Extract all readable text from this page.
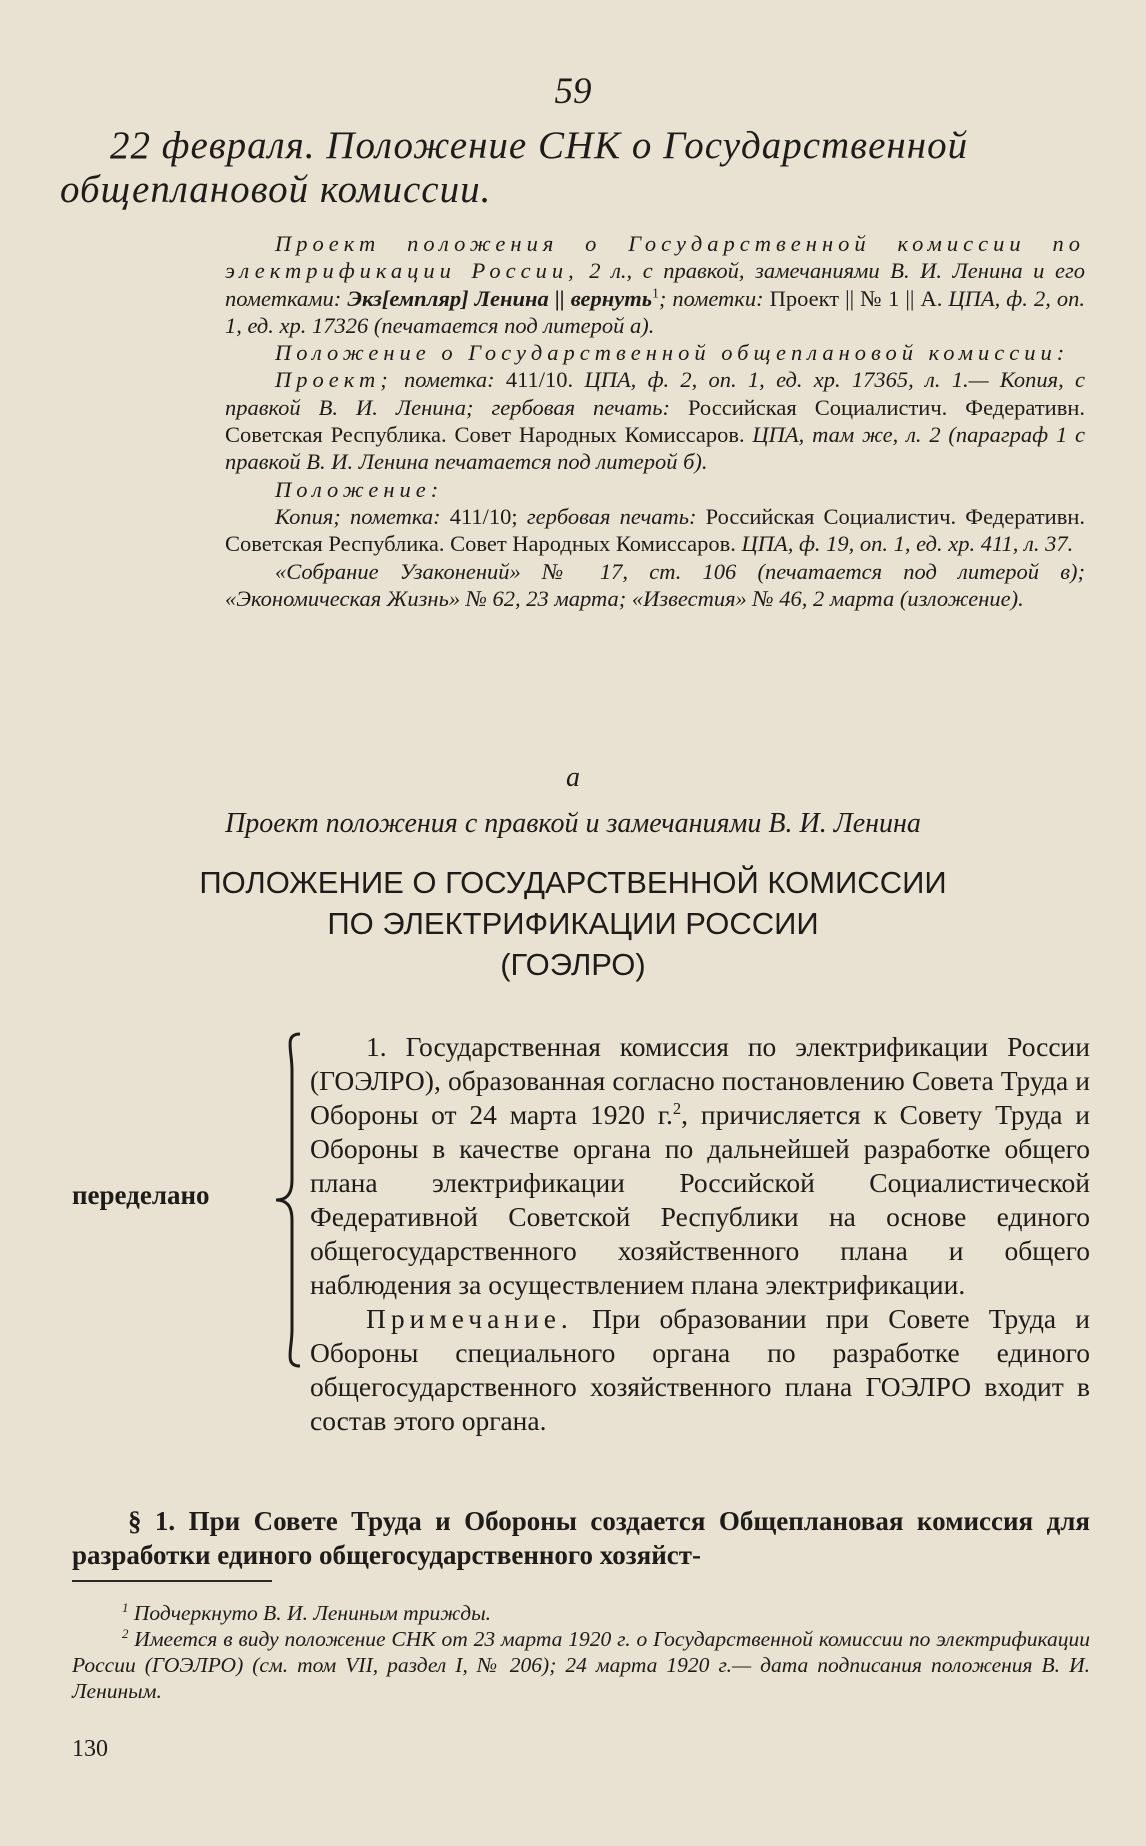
59
22 февраля. Положение СНК о Государственной
общеплановой комиссии.

Проект положения о Государственной комиссии по электрификации России, 2 л., с правкой, замечаниями В. И. Ленина и его пометками: Экз[емпляр] Ленина || вернуть$^1$; пометки: Проект || № 1 || А. ЦПА, ф. 2, оп. 1, ед. хр. 17326 (печатается под литерой а).

Положение о Государственной общеплановой комиссии:

Проект; пометка: 411/10. ЦПА, ф. 2, оп. 1, ед. хр. 17365, л. 1.— Копия, с правкой В. И. Ленина; гербовая печать: Российская Социалистич. Федеративн. Советская Республика. Совет Народных Комиссаров. ЦПА, там же, л. 2 (параграф 1 с правкой В. И. Ленина печатается под литерой б).

Положение:

Копия; пометка: 411/10; гербовая печать: Российская Социалистич. Федеративн. Советская Республика. Совет Народных Комиссаров. ЦПА, ф. 19, оп. 1, ед. хр. 411, л. 37.

«Собрание Узаконений» № 17, ст. 106 (печатается под литерой в); «Экономическая Жизнь» № 62, 23 марта; «Известия» № 46, 2 марта (изложение).

а
Проект положения с правкой и замечаниями В. И. Ленина
ПОЛОЖЕНИЕ О ГОСУДАРСТВЕННОЙ КОМИССИИ
ПО ЭЛЕКТРИФИКАЦИИ РОССИИ
(ГОЭЛРО)
переделано

1. Государственная комиссия по электрификации России (ГОЭЛРО), образованная согласно постановлению Совета Труда и Обороны от 24 марта 1920 г.$^2$, причисляется к Совету Труда и Обороны в качестве органа по дальнейшей разработке общего плана электрификации Российской Социалистической Федеративной Советской Республики на основе единого общегосударственного хозяйственного плана и общего наблюдения за осуществлением плана электрификации.

Примечание. При образовании при Совете Труда и Обороны специального органа по разработке единого общегосударственного хозяйственного плана ГОЭЛРО входит в состав этого органа.

§ 1. При Совете Труда и Обороны создается Общеплановая комиссия для разработки единого общегосударственного хозяйст-

$^1$ Подчеркнуто В. И. Лениным трижды.

$^2$ Имеется в виду положение СНК от 23 марта 1920 г. о Государственной комиссии по электрификации России (ГОЭЛРО) (см. том VII, раздел I, № 206); 24 марта 1920 г.— дата подписания положения В. И. Лениным.

130
